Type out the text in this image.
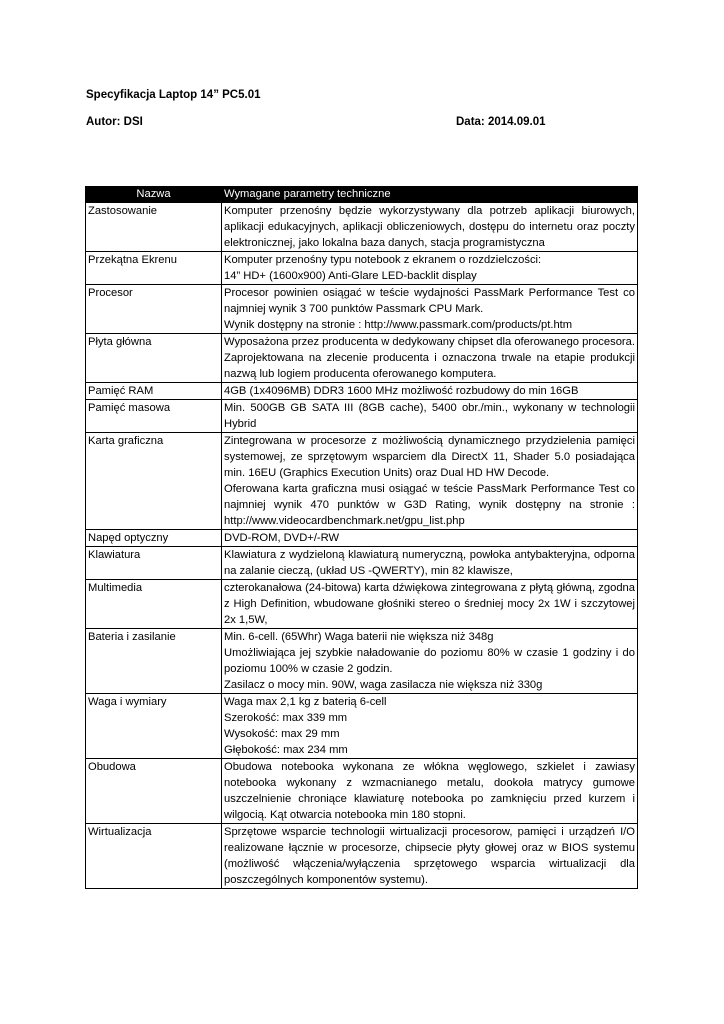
Specyfikacja Laptop 14” PC5.01
Autor: DSI	Data: 2014.09.01
Nazwa	Wymagane parametry techniczne
Zastosowanie	Komputer przenośny będzie wykorzystywany dla potrzeb aplikacji biurowych, aplikacji edukacyjnych, aplikacji obliczeniowych, dostępu do internetu oraz poczty elektronicznej, jako lokalna baza danych, stacja programistyczna

Przekątna Ekrenu	Komputer przenośny typu notebook z ekranem o rozdzielczości:
14” HD+ (1600x900) Anti-Glare LED-backlit display

Procesor	Procesor powinien osiągać w teście wydajności PassMark Performance Test co najmniej wynik 3 700 punktów Passmark CPU Mark.
Wynik dostępny na stronie : http://www.passmark.com/products/pt.htm

Płyta główna	Wyposażona przez producenta w dedykowany chipset dla oferowanego procesora. Zaprojektowana na zlecenie producenta i oznaczona trwale na etapie produkcji nazwą lub logiem producenta oferowanego komputera.

Pamięć RAM	4GB (1x4096MB) DDR3 1600 MHz możliwość rozbudowy do min 16GB

Pamięć masowa	Min. 500GB GB SATA III (8GB cache), 5400 obr./min., wykonany w technologii Hybrid

Karta graficzna	Zintegrowana w procesorze z możliwością dynamicznego przydzielenia pamięci systemowej, ze sprzętowym wsparciem dla DirectX 11, Shader 5.0 posiadająca min. 16EU (Graphics Execution Units) oraz Dual HD HW Decode.
Oferowana karta graficzna musi osiągać w teście PassMark Performance Test co najmniej wynik 470 punktów w G3D Rating, wynik dostępny na stronie : http://www.videocardbenchmark.net/gpu_list.php

Napęd optyczny	DVD-ROM, DVD+/-RW

Klawiatura	Klawiatura z wydzieloną klawiaturą numeryczną, powłoka antybakteryjna, odporna na zalanie cieczą, (układ US -QWERTY), min 82 klawisze,

Multimedia	czterokanałowa (24-bitowa) karta dźwiękowa zintegrowana z płytą główną, zgodna z High Definition, wbudowane głośniki stereo o średniej mocy 2x 1W i szczytowej 2x 1,5W,

Bateria i zasilanie	Min. 6-cell. (65Whr) Waga baterii nie większa niż 348g
Umożliwiająca jej szybkie naładowanie do poziomu 80% w czasie 1 godziny i do poziomu 100% w czasie 2 godzin.
Zasilacz o mocy min. 90W, waga zasilacza nie większa niż 330g

Waga i wymiary	Waga max 2,1 kg z baterią 6-cell
Szerokość: max 339 mm
Wysokość: max 29 mm
Głębokość: max 234 mm

Obudowa	Obudowa notebooka wykonana ze włókna węglowego, szkielet i zawiasy notebooka wykonany z wzmacnianego metalu, dookoła matrycy gumowe uszczelnienie chroniące klawiaturę notebooka po zamknięciu przed kurzem i wilgocią. Kąt otwarcia notebooka min 180 stopni.

Wirtualizacja	Sprzętowe wsparcie technologii wirtualizacji procesorow, pamięci i urządzeń I/O realizowane łącznie w procesorze, chipsecie płyty głowej oraz w BIOS systemu (możliwość włączenia/wyłączenia sprzętowego wsparcia wirtualizacji dla poszczególnych komponentów systemu).
